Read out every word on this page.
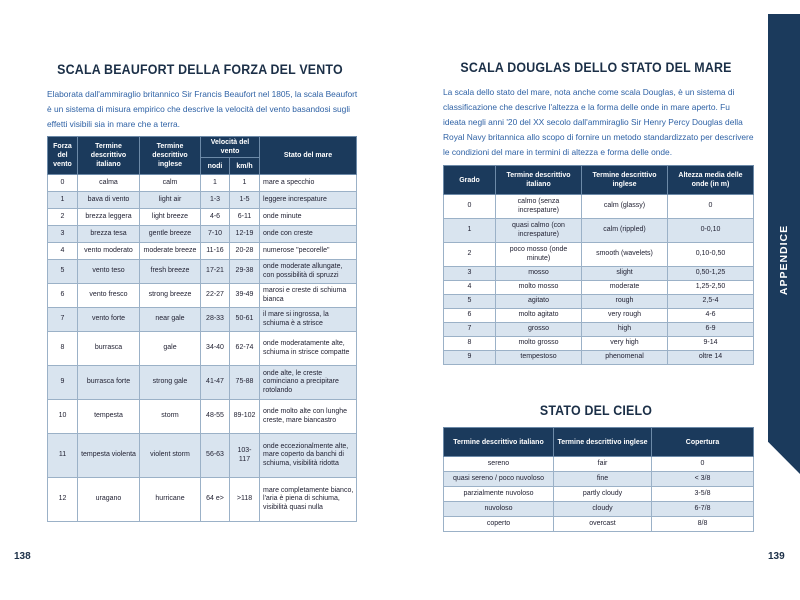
SCALA BEAUFORT DELLA FORZA DEL VENTO
Elaborata dall'ammiraglio britannico Sir Francis Beaufort nel 1805, la scala Beaufort è un sistema di misura empirico che descrive la velocità del vento basandosi sugli effetti visibili sia in mare che a terra.
Forza del vento	Termine descrittivo italiano	Termine descrittivo inglese	Velocità del vento		Stato del mare
			nodi	km/h	
0	calma	calm	1	1	mare a specchio
1	bava di vento	light air	1-3	1-5	leggere increspature
2	brezza leggera	light breeze	4-6	6-11	onde minute
3	brezza tesa	gentle breeze	7-10	12-19	onde con creste
4	vento moderato	moderate breeze	11-16	20-28	numerose "pecorelle"
5	vento teso	fresh breeze	17-21	29-38	onde moderate allungate, con possibilità di spruzzi
6	vento fresco	strong breeze	22-27	39-49	marosi e creste di schiuma bianca
7	vento forte	near gale	28-33	50-61	il mare si ingrossa, la schiuma è a strisce
8	burrasca	gale	34-40	62-74	onde moderatamente alte, schiuma in strisce compatte
9	burrasca forte	strong gale	41-47	75-88	onde alte, le creste cominciano a precipitare rotolando
10	tempesta	storm	48-55	89-102	onde molto alte con lunghe creste, mare biancastro
11	tempesta violenta	violent storm	56-63	103-117	onde eccezionalmente alte, mare coperto da banchi di schiuma, visibilità ridotta
12	uragano	hurricane	64 e>	>118	mare completamente bianco, l'aria è piena di schiuma, visibilità quasi nulla
138
SCALA DOUGLAS DELLO STATO DEL MARE
La scala dello stato del mare, nota anche come scala Douglas, è un sistema di classificazione che descrive l'altezza e la forma delle onde in mare aperto. Fu ideata negli anni '20 del XX secolo dall'ammiraglio Sir Henry Percy Douglas della Royal Navy britannica allo scopo di fornire un metodo standardizzato per descrivere le condizioni del mare in termini di altezza e forma delle onde.
Grado	Termine descrittivo italiano	Termine descrittivo inglese	Altezza media delle onde (in m)
0	calmo (senza increspature)	calm (glassy)	0
1	quasi calmo (con increspature)	calm (rippled)	0-0,10
2	poco mosso (onde minute)	smooth (wavelets)	0,10-0,50
3	mosso	slight	0,50-1,25
4	molto mosso	moderate	1,25-2,50
5	agitato	rough	2,5-4
6	molto agitato	very rough	4-6
7	grosso	high	6-9
8	molto grosso	very high	9-14
9	tempestoso	phenomenal	oltre 14
STATO DEL CIELO
Termine descrittivo italiano	Termine descrittivo inglese	Copertura
sereno	fair	0
quasi sereno / poco nuvoloso	fine	< 3/8
parzialmente nuvoloso	partly cloudy	3-5/8
nuvoloso	cloudy	6-7/8
coperto	overcast	8/8
139
APPENDICE
